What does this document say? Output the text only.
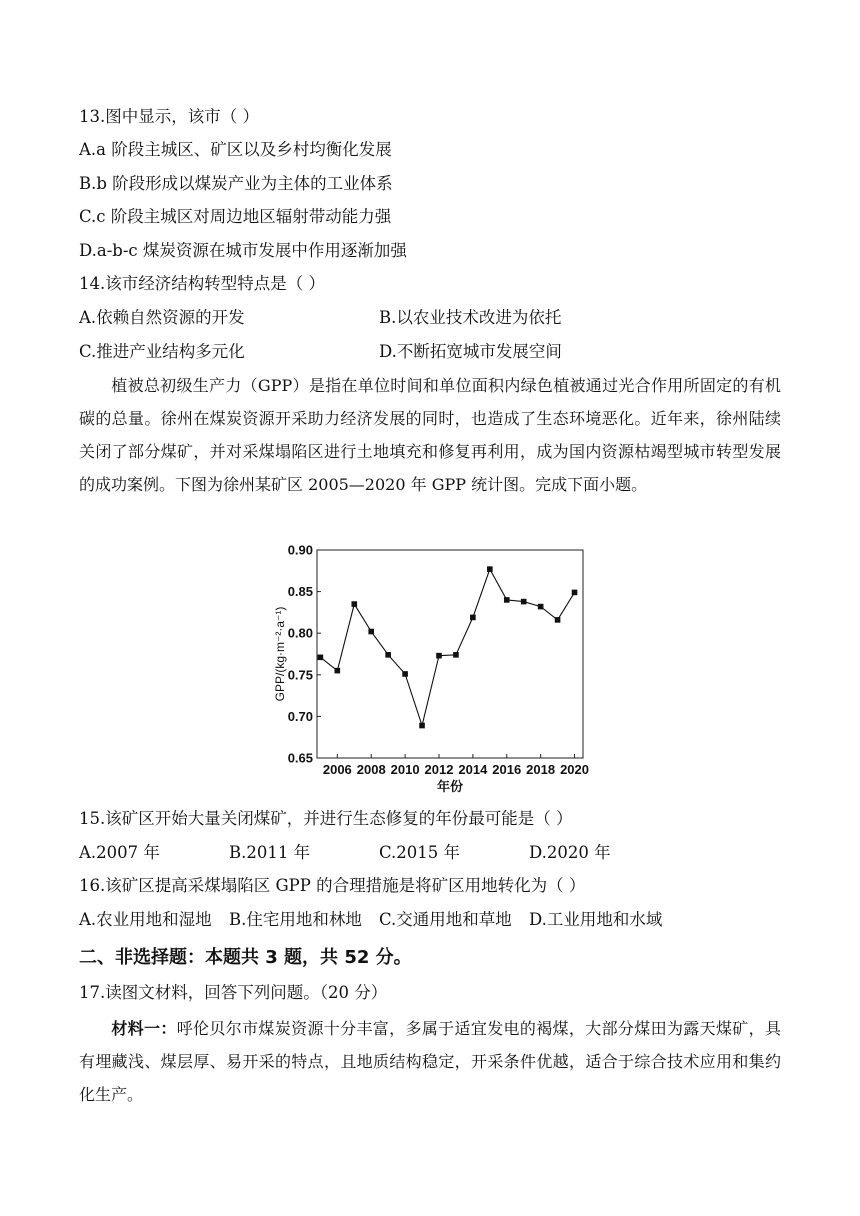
13.图中显示，该市（ ）
A.a 阶段主城区、矿区以及乡村均衡化发展
B.b 阶段形成以煤炭产业为主体的工业体系
C.c 阶段主城区对周边地区辐射带动能力强
D.a-b-c 煤炭资源在城市发展中作用逐渐加强
14.该市经济结构转型特点是（ ）
A.依赖自然资源的开发	B.以农业技术改进为依托
C.推进产业结构多元化	D.不断拓宽城市发展空间
植被总初级生产力（GPP）是指在单位时间和单位面积内绿色植被通过光合作用所固定的有机碳的总量。徐州在煤炭资源开采助力经济发展的同时，也造成了生态环境恶化。近年来，徐州陆续关闭了部分煤矿，并对采煤塌陷区进行土地填充和修复再利用，成为国内资源枯竭型城市转型发展的成功案例。下图为徐州某矿区 2005—2020 年 GPP 统计图。完成下面小题。
0.65
0.70
0.75
0.80
0.85
0.90
2006 2008 2010 2012 2014 2016 2018 2020
GPP/(kg·m⁻²·a⁻¹)
年份
15.该矿区开始大量关闭煤矿，并进行生态修复的年份最可能是（ ）
A.2007 年	B.2011 年	C.2015 年	D.2020 年
16.该矿区提高采煤塌陷区 GPP 的合理措施是将矿区用地转化为（ ）
A.农业用地和湿地 B.住宅用地和林地 C.交通用地和草地 D.工业用地和水域
二、非选择题：本题共 3 题，共 52 分。
17.读图文材料，回答下列问题。（20 分）
材料一：呼伦贝尔市煤炭资源十分丰富，多属于适宜发电的褐煤，大部分煤田为露天煤矿，具有埋藏浅、煤层厚、易开采的特点，且地质结构稳定，开采条件优越，适合于综合技术应用和集约化生产。
